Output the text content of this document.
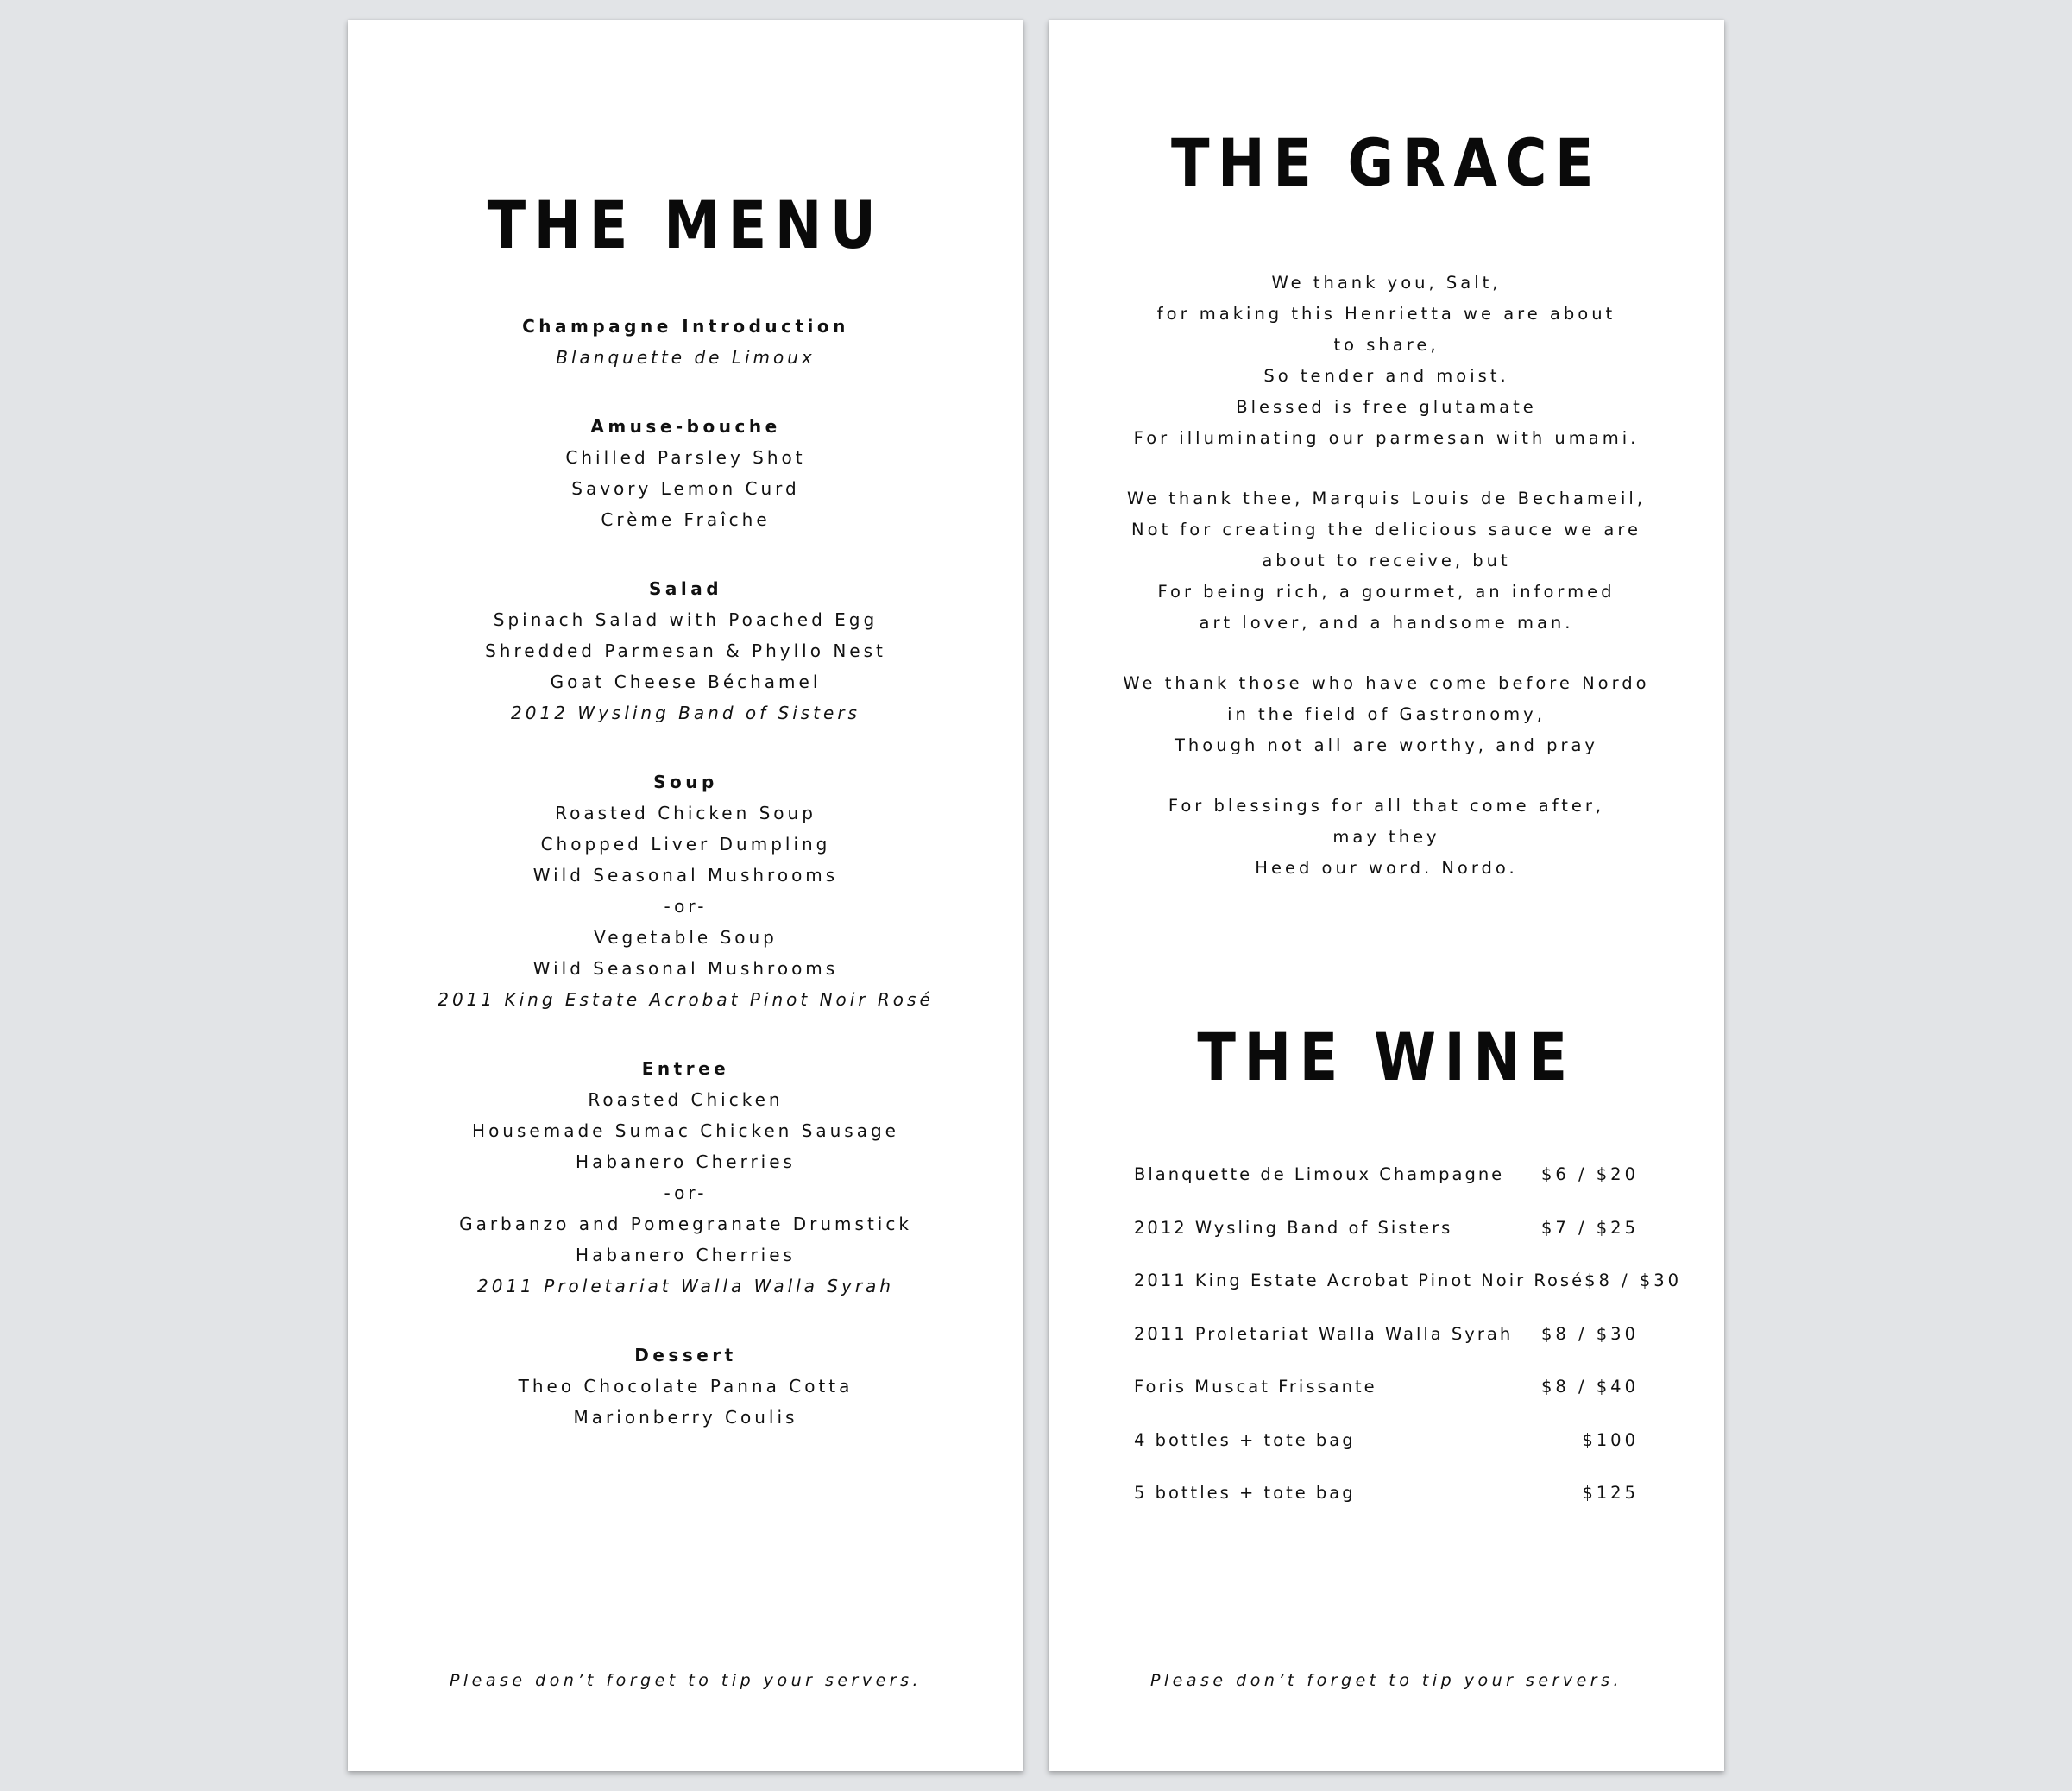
THE MENU
Champagne Introduction
Blanquette de Limoux
Amuse-bouche
Chilled Parsley Shot
Savory Lemon Curd
Crème Fraîche
Salad
Spinach Salad with Poached Egg
Shredded Parmesan & Phyllo Nest
Goat Cheese Béchamel
2012 Wysling Band of Sisters
Soup
Roasted Chicken Soup
Chopped Liver Dumpling
Wild Seasonal Mushrooms
-or-
Vegetable Soup
Wild Seasonal Mushrooms
2011 King Estate Acrobat Pinot Noir Rosé
Entree
Roasted Chicken
Housemade Sumac Chicken Sausage
Habanero Cherries
-or-
Garbanzo and Pomegranate Drumstick
Habanero Cherries
2011 Proletariat Walla Walla Syrah
Dessert
Theo Chocolate Panna Cotta
Marionberry Coulis
Please don’t forget to tip your servers.
THE GRACE
We thank you, Salt,
for making this Henrietta we are about
to share,
So tender and moist.
Blessed is free glutamate
For illuminating our parmesan with umami.
We thank thee, Marquis Louis de Bechameil,
Not for creating the delicious sauce we are
about to receive, but
For being rich, a gourmet, an informed
art lover, and a handsome man.
We thank those who have come before Nordo
in the field of Gastronomy,
Though not all are worthy, and pray
For blessings for all that come after,
may they
Heed our word. Nordo.
THE WINE
Blanquette de Limoux Champagne $6 / $20
2012 Wysling Band of Sisters	$7 / $25
2011 King Estate Acrobat Pinot Noir Rosé $8 / $30
2011 Proletariat Walla Walla Syrah $8 / $30
Foris Muscat Frissante	$8 / $40
4 bottles + tote bag	$100
5 bottles + tote bag	$125
Please don’t forget to tip your servers.
